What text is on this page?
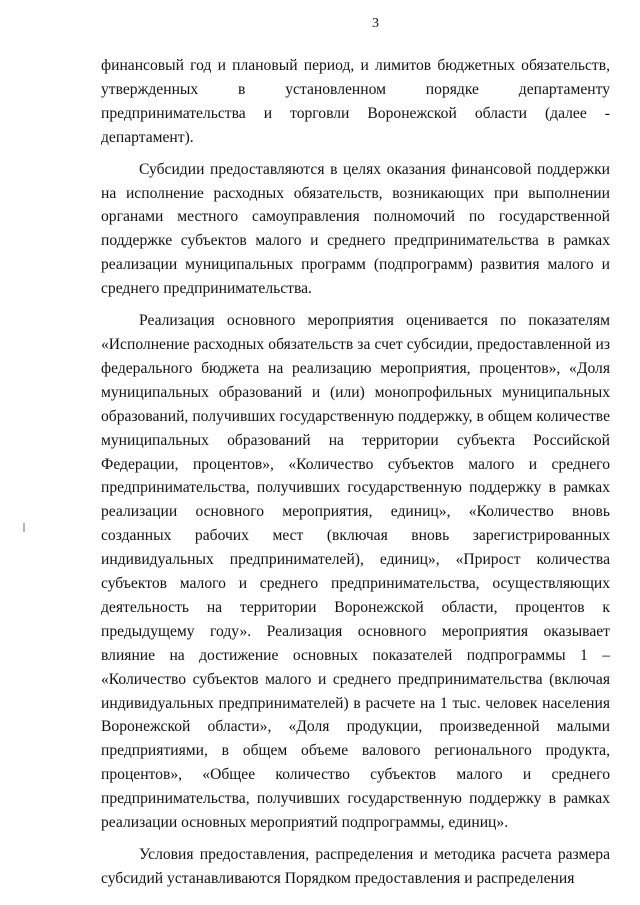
3

финансовый год и плановый период, и лимитов бюджетных обязательств, утвержденных в установленном порядке департаменту предпринимательства и торговли Воронежской области (далее - департамент).

Субсидии предоставляются в целях оказания финансовой поддержки на исполнение расходных обязательств, возникающих при выполнении органами местного самоуправления полномочий по государственной поддержке субъектов малого и среднего предпринимательства в рамках реализации муниципальных программ (подпрограмм) развития малого и среднего предпринимательства.

Реализация основного мероприятия оценивается по показателям «Исполнение расходных обязательств за счет субсидии, предоставленной из федерального бюджета на реализацию мероприятия, процентов», «Доля муниципальных образований и (или) монопрофильных муниципальных образований, получивших государственную поддержку, в общем количестве муниципальных образований на территории субъекта Российской Федерации, процентов», «Количество субъектов малого и среднего предпринимательства, получивших государственную поддержку в рамках реализации основного мероприятия, единиц», «Количество вновь созданных рабочих мест (включая вновь зарегистрированных индивидуальных предпринимателей), единиц», «Прирост количества субъектов малого и среднего предпринимательства, осуществляющих деятельность на территории Воронежской области, процентов к предыдущему году». Реализация основного мероприятия оказывает влияние на достижение основных показателей подпрограммы 1 – «Количество субъектов малого и среднего предпринимательства (включая индивидуальных предпринимателей) в расчете на 1 тыс. человек населения Воронежской области», «Доля продукции, произведенной малыми предприятиями, в общем объеме валового регионального продукта, процентов», «Общее количество субъектов малого и среднего предпринимательства, получивших государственную поддержку в рамках реализации основных мероприятий подпрограммы, единиц».

Условия предоставления, распределения и методика расчета размера субсидий устанавливаются Порядком предоставления и распределения
